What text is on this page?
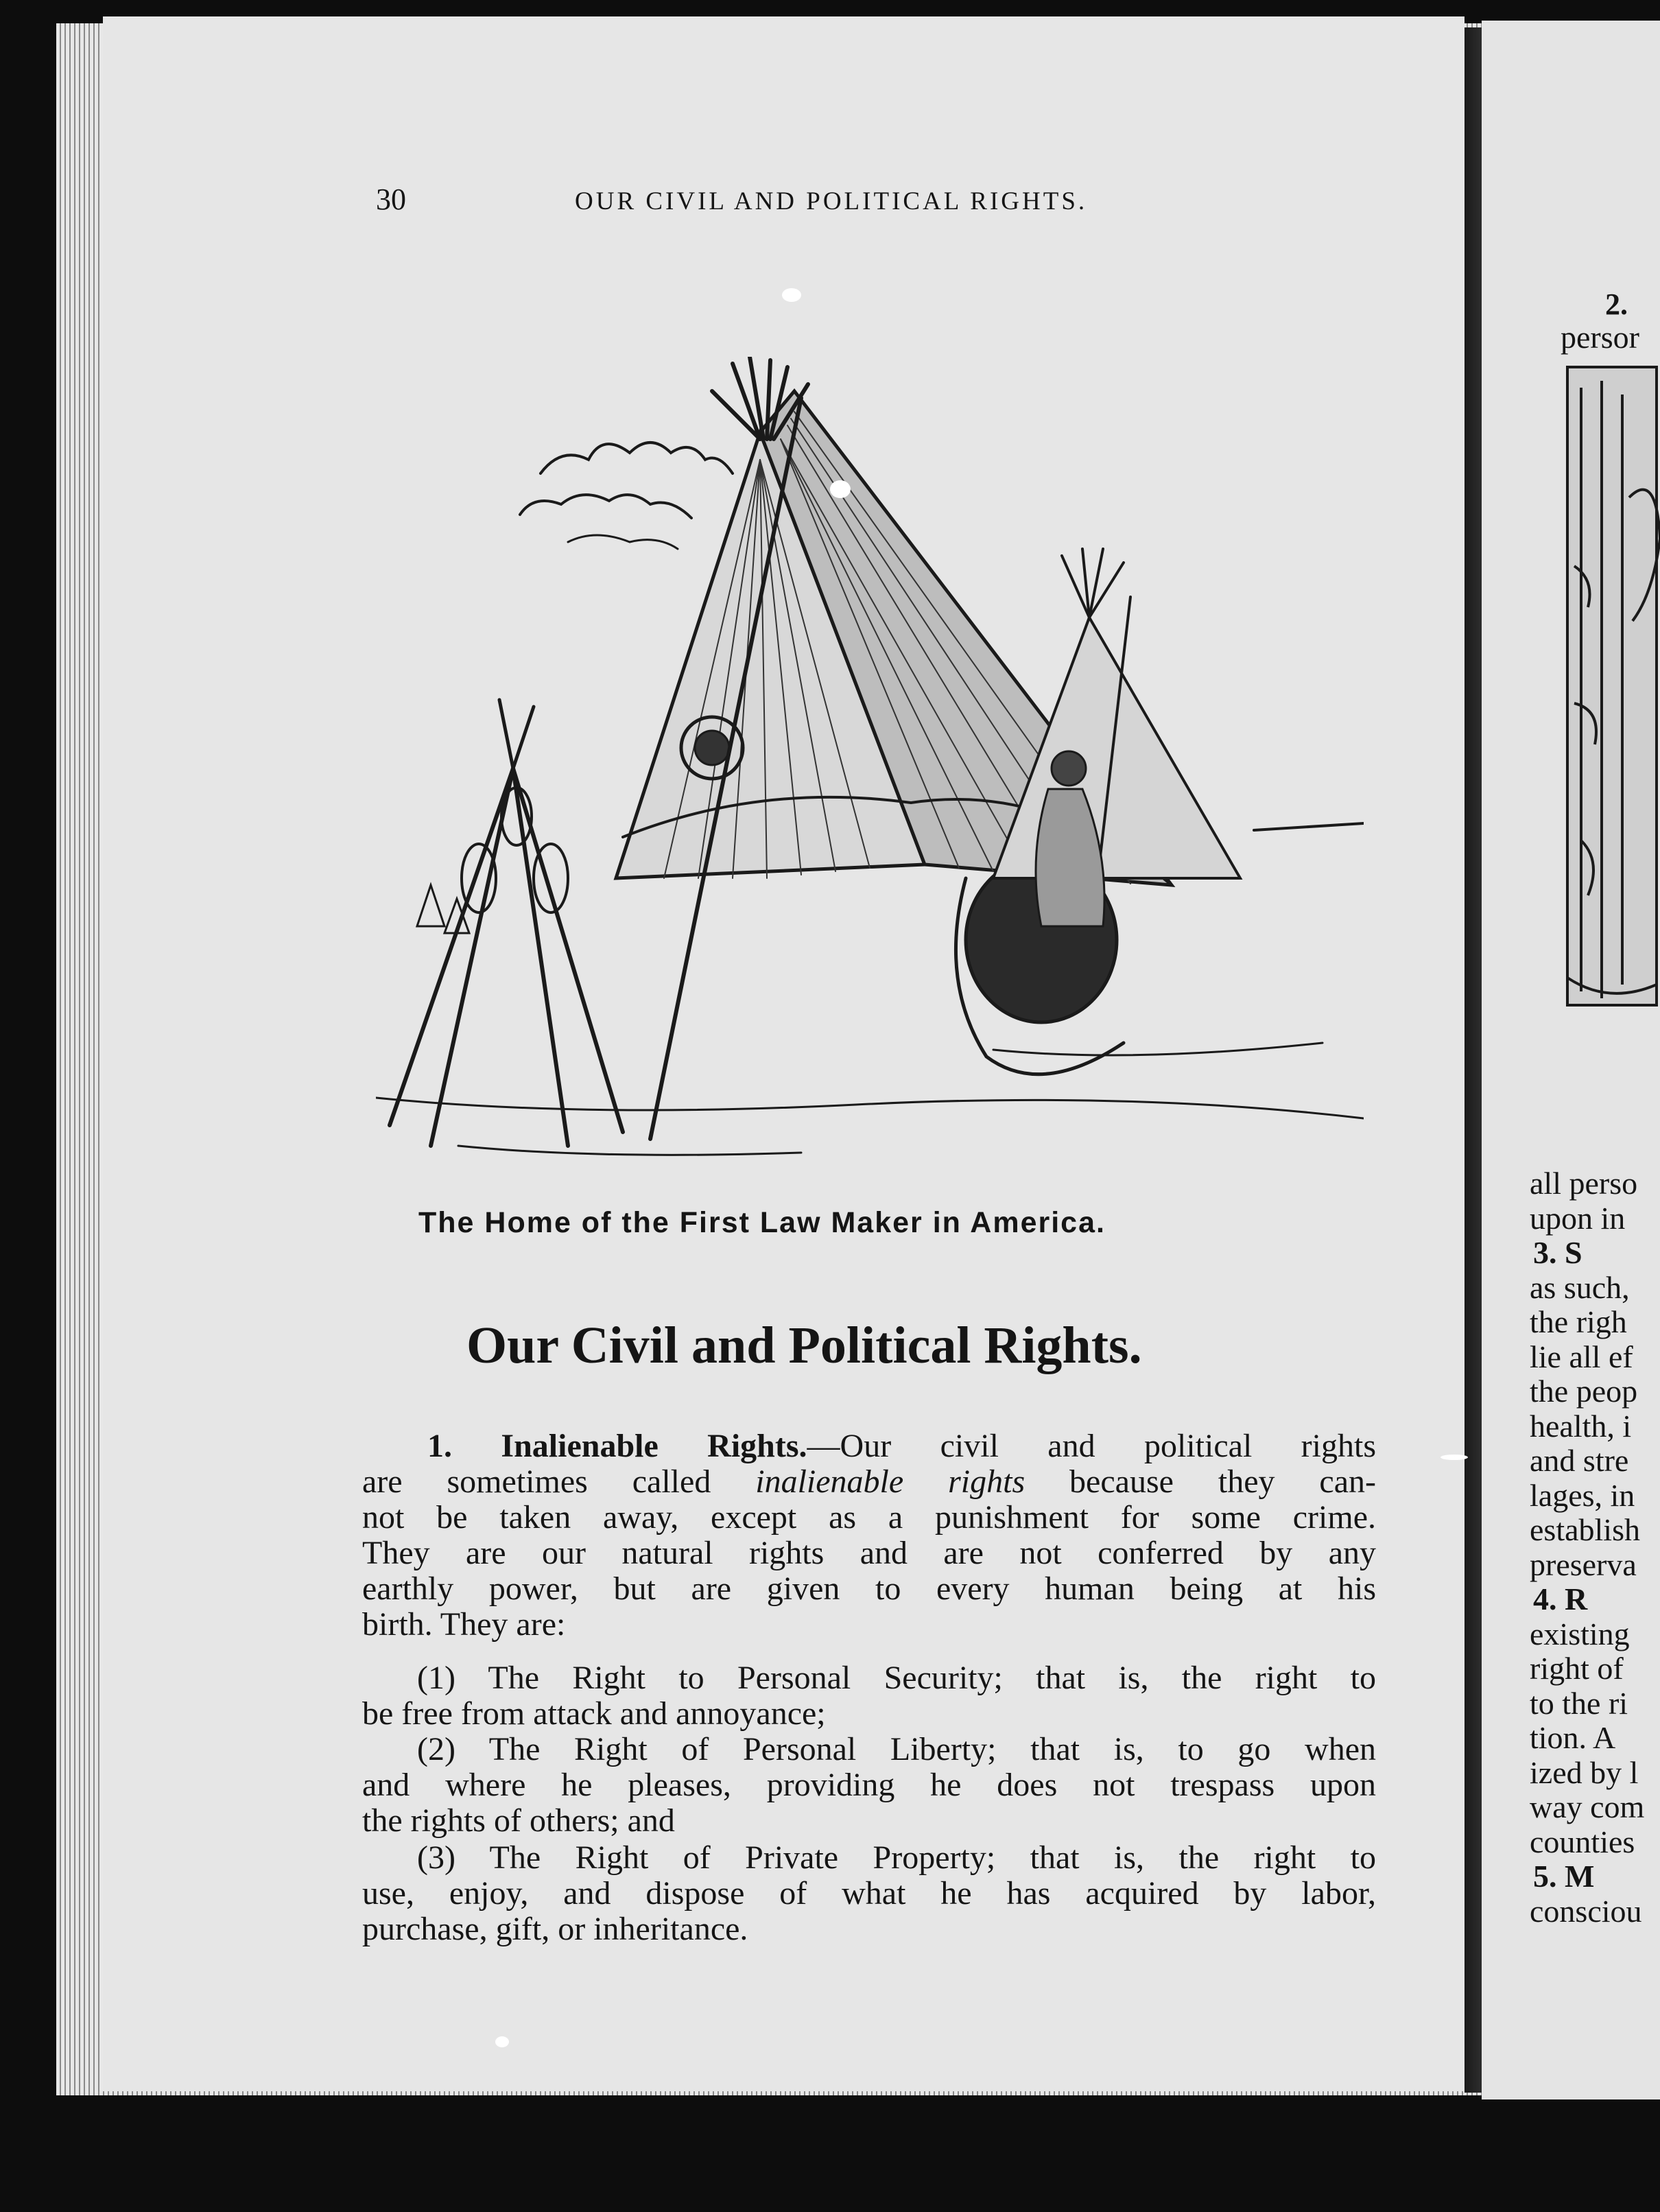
30	OUR CIVIL AND POLITICAL RIGHTS.
The Home of the First Law Maker in America.
Our Civil and Political Rights.
1. Inalienable Rights.—Our civil and political rights
are sometimes called inalienable rights because they can-
not be taken away, except as a punishment for some crime.
They are our natural rights and are not conferred by any
earthly power, but are given to every human being at his
birth. They are:
(1) The Right to Personal Security; that is, the right to
be free from attack and annoyance;
(2) The Right of Personal Liberty; that is, to go when
and where he pleases, providing he does not trespass upon
the rights of others; and
(3) The Right of Private Property; that is, the right to
use, enjoy, and dispose of what he has acquired by labor,
purchase, gift, or inheritance.
2.
persor
all perso
upon in
3. S
as such,
the righ
lie all ef
the peop
health, i
and stre
lages, in
establish
preserva
4. R
existing
right of
to the ri
tion. A
ized by l
way com
counties
5. M
consciou
